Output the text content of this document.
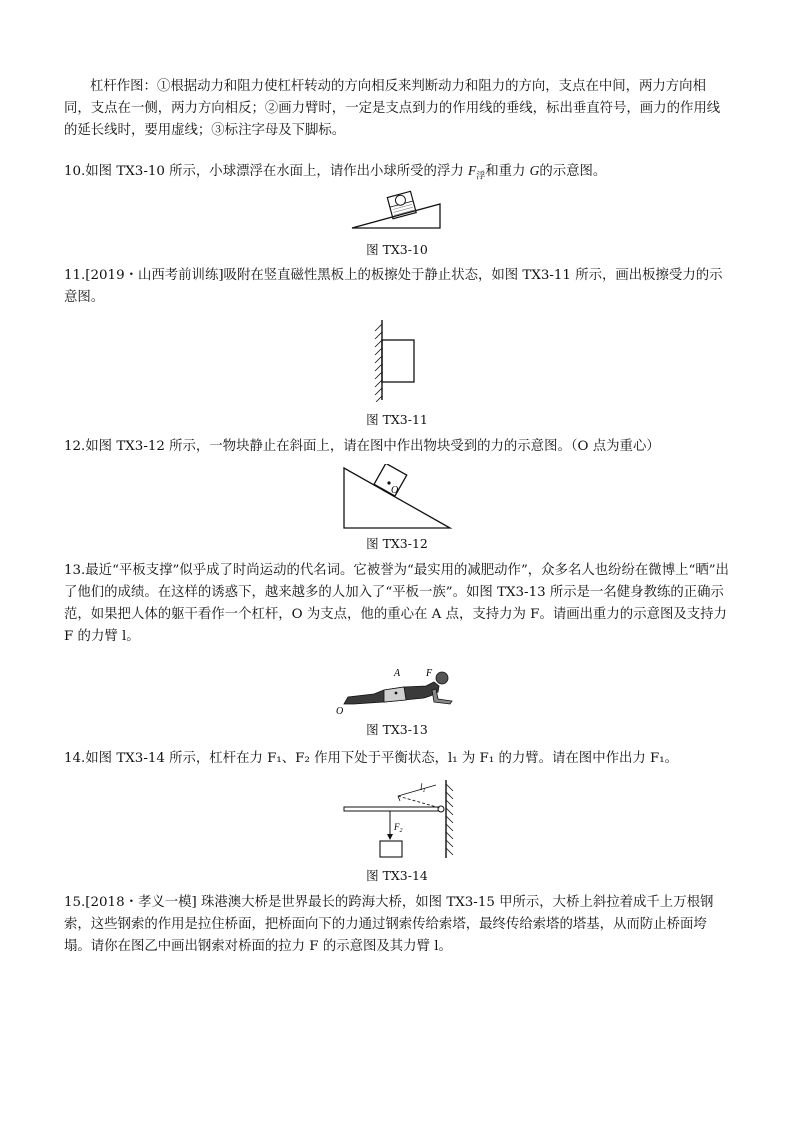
杠杆作图：①根据动力和阻力使杠杆转动的方向相反来判断动力和阻力的方向，支点在中间，两力方向相同，支点在一侧，两力方向相反；②画力臂时，一定是支点到力的作用线的垂线，标出垂直符号，画力的作用线的延长线时，要用虚线；③标注字母及下脚标。

10.如图 TX3-10 所示，小球漂浮在水面上，请作出小球所受的浮力 $F_浮$和重力 G的示意图。

图 TX3-10

11.[2019・山西考前训练]吸附在竖直磁性黑板上的板擦处于静止状态，如图 TX3-11 所示，画出板擦受力的示意图。

图 TX3-11

12.如图 TX3-12 所示，一物块静止在斜面上，请在图中作出物块受到的力的示意图。（O 点为重心）

O
图 TX3-12

13.最近“平板支撑”似乎成了时尚运动的代名词。它被誉为“最实用的减肥动作”，众多名人也纷纷在微博上“晒”出了他们的成绩。在这样的诱惑下，越来越多的人加入了“平板一族”。如图 TX3-13 所示是一名健身教练的正确示范，如果把人体的躯干看作一个杠杆，O 为支点，他的重心在 A 点，支持力为 F。请画出重力的示意图及支持力 F 的力臂 l。

A	F
O
图 TX3-13

14.如图 TX3-14 所示，杠杆在力 F₁、F₂ 作用下处于平衡状态，l₁ 为 F₁ 的力臂。请在图中作出力 F₁。

$l_1$
$F_2$
图 TX3-14

15.[2018・孝义一模] 珠港澳大桥是世界最长的跨海大桥，如图 TX3-15 甲所示，大桥上斜拉着成千上万根钢索，这些钢索的作用是拉住桥面，把桥面向下的力通过钢索传给索塔，最终传给索塔的塔基，从而防止桥面垮塌。请你在图乙中画出钢索对桥面的拉力 F 的示意图及其力臂 l。
